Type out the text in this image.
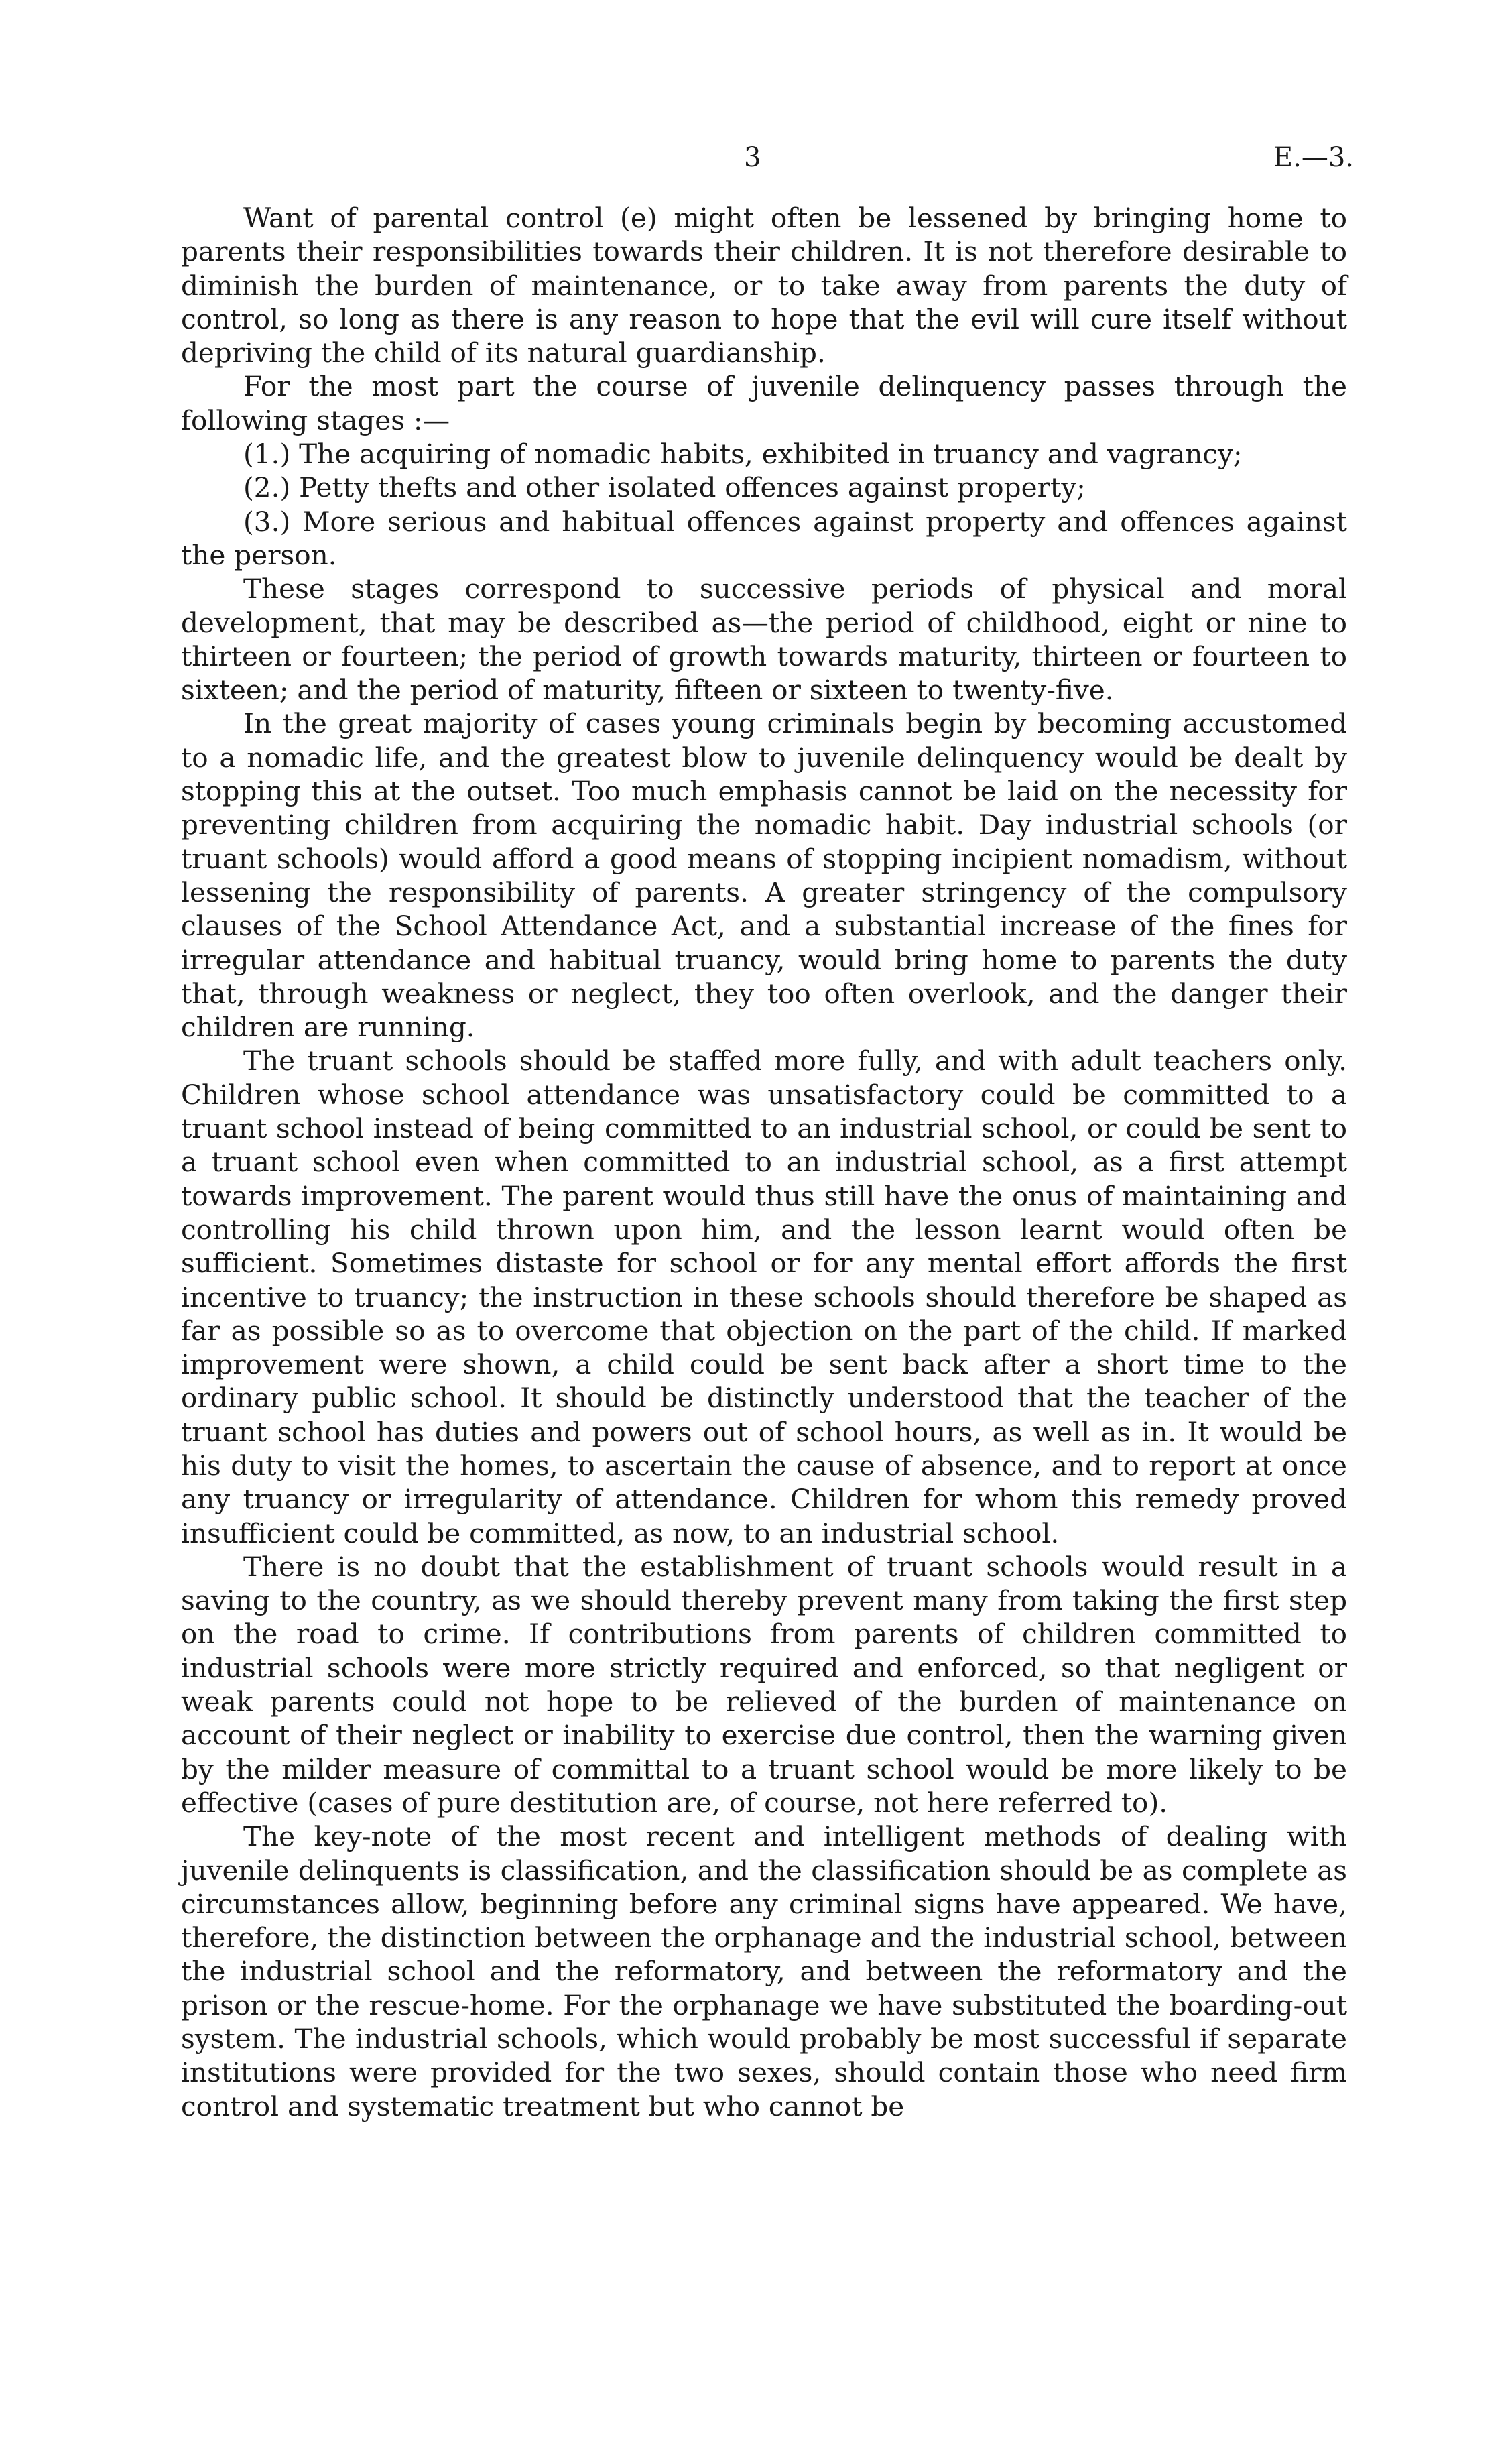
3	E.—3.

Want of parental control (e) might often be lessened by bringing home to parents their responsibilities towards their children. It is not therefore desirable to diminish the burden of maintenance, or to take away from parents the duty of control, so long as there is any reason to hope that the evil will cure itself without depriving the child of its natural guardianship.

For the most part the course of juvenile delinquency passes through the following stages :—

(1.) The acquiring of nomadic habits, exhibited in truancy and vagrancy;

(2.) Petty thefts and other isolated offences against property;

(3.) More serious and habitual offences against property and offences against the person.

These stages correspond to successive periods of physical and moral development, that may be described as—the period of childhood, eight or nine to thirteen or fourteen; the period of growth towards maturity, thirteen or fourteen to sixteen; and the period of maturity, fifteen or sixteen to twenty-five.

In the great majority of cases young criminals begin by becoming accustomed to a nomadic life, and the greatest blow to juvenile delinquency would be dealt by stopping this at the outset. Too much emphasis cannot be laid on the necessity for preventing children from acquiring the nomadic habit. Day industrial schools (or truant schools) would afford a good means of stopping incipient nomadism, without lessening the responsibility of parents. A greater stringency of the compulsory clauses of the School Attendance Act, and a substantial increase of the fines for irregular attendance and habitual truancy, would bring home to parents the duty that, through weakness or neglect, they too often overlook, and the danger their children are running.

The truant schools should be staffed more fully, and with adult teachers only. Children whose school attendance was unsatisfactory could be committed to a truant school instead of being committed to an industrial school, or could be sent to a truant school even when committed to an industrial school, as a first attempt towards improvement. The parent would thus still have the onus of maintaining and controlling his child thrown upon him, and the lesson learnt would often be sufficient. Sometimes distaste for school or for any mental effort affords the first incentive to truancy; the instruction in these schools should therefore be shaped as far as possible so as to overcome that objection on the part of the child. If marked improvement were shown, a child could be sent back after a short time to the ordinary public school. It should be distinctly understood that the teacher of the truant school has duties and powers out of school hours, as well as in. It would be his duty to visit the homes, to ascertain the cause of absence, and to report at once any truancy or irregularity of attendance. Children for whom this remedy proved insufficient could be committed, as now, to an industrial school.

There is no doubt that the establishment of truant schools would result in a saving to the country, as we should thereby prevent many from taking the first step on the road to crime. If contributions from parents of children committed to industrial schools were more strictly required and enforced, so that negligent or weak parents could not hope to be relieved of the burden of maintenance on account of their neglect or inability to exercise due control, then the warning given by the milder measure of committal to a truant school would be more likely to be effective (cases of pure destitution are, of course, not here referred to).

The key-note of the most recent and intelligent methods of dealing with juvenile delinquents is classification, and the classification should be as complete as circumstances allow, beginning before any criminal signs have appeared. We have, therefore, the distinction between the orphanage and the industrial school, between the industrial school and the reformatory, and between the reformatory and the prison or the rescue-home. For the orphanage we have substituted the boarding-out system. The industrial schools, which would probably be most successful if separate institutions were provided for the two sexes, should contain those who need firm control and systematic treatment but who cannot be
